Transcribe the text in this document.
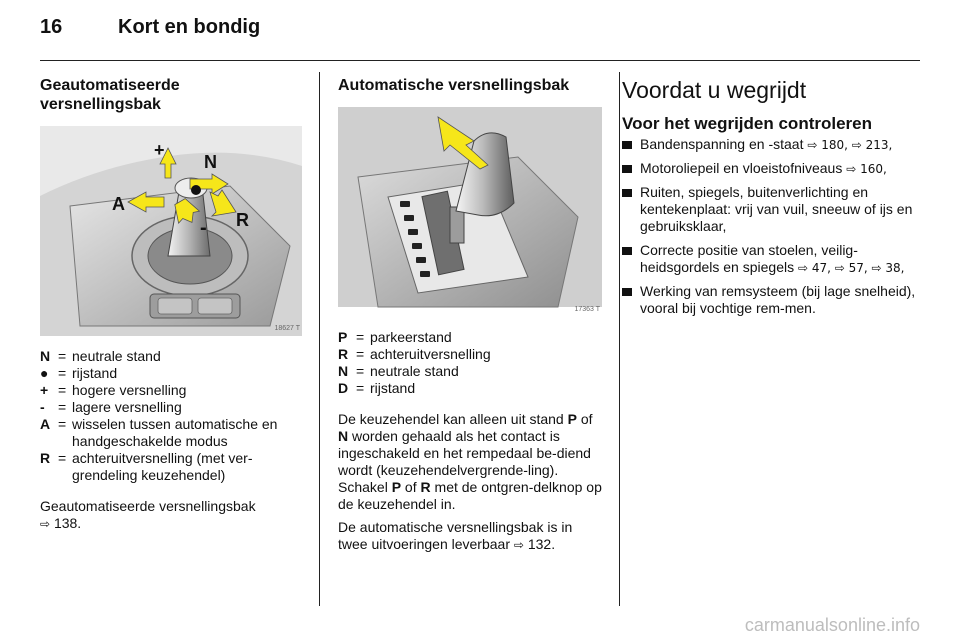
16	Kort en bondig
Geautomatiseerde versnellingsbak
+
N
A
R
-
18627 T
N = neutrale stand
● = rijstand
+ = hogere versnelling
- = lagere versnelling
A = wisselen tussen automatische en handgeschakelde modus
R = achteruitversnelling (met ver-grendeling keuzehendel)
Geautomatiseerde versnellingsbak
⇨ 138.
Automatische versnellingsbak
17363 T
P = parkeerstand
R = achteruitversnelling
N = neutrale stand
D = rijstand
De keuzehendel kan alleen uit stand P of N worden gehaald als het contact is ingeschakeld en het rempedaal be-diend wordt (keuzehendelvergrende-ling). Schakel P of R met de ontgren-delknop op de keuzehendel in.
De automatische versnellingsbak is in twee uitvoeringen leverbaar ⇨ 132.
Voordat u wegrijdt
Voor het wegrijden controleren
Bandenspanning en -staat ⇨ 180, ⇨ 213,
Motoroliepeil en vloeistofniveaus ⇨ 160,
Ruiten, spiegels, buitenverlichting en kentekenplaat: vrij van vuil, sneeuw of ijs en gebruiksklaar,
Correcte positie van stoelen, veilig-heidsgordels en spiegels ⇨ 47, ⇨ 57, ⇨ 38,
Werking van remsysteem (bij lage snelheid), vooral bij vochtige rem-men.
carmanualsonline.info
